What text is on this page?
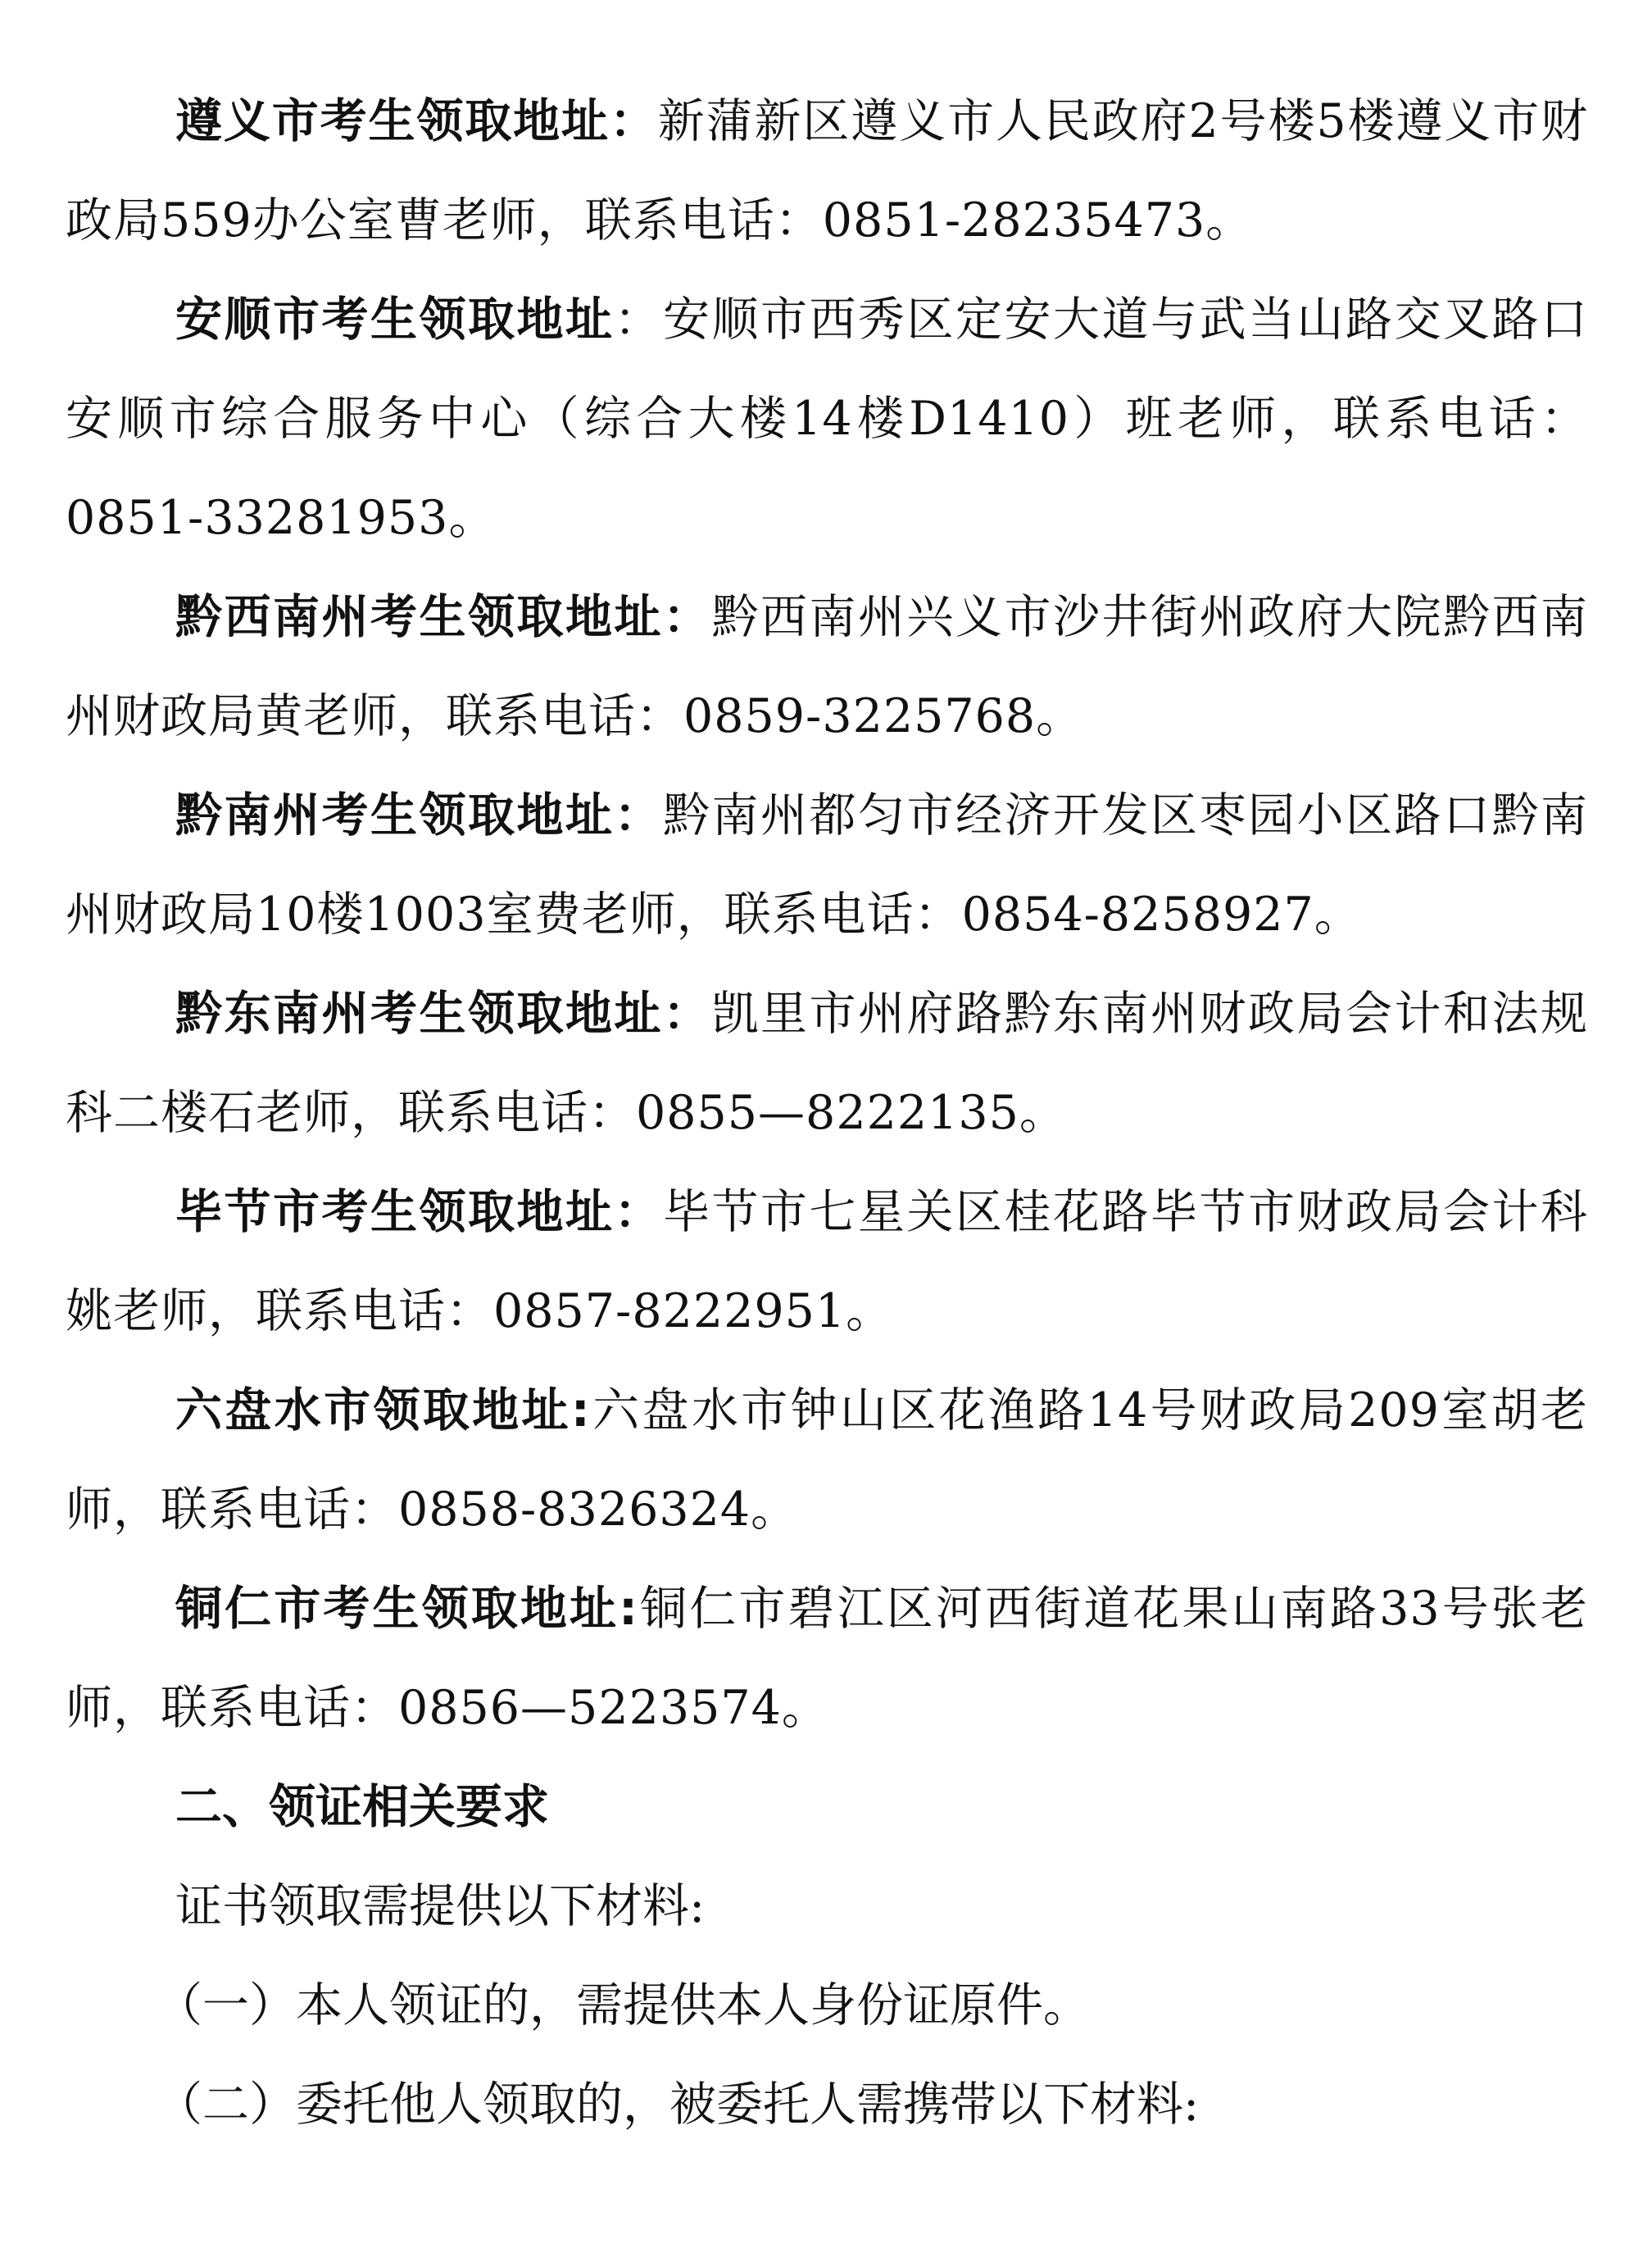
遵义市考生领取地址：新蒲新区遵义市人民政府2号楼5楼遵义市财政局559办公室曹老师，联系电话：0851-28235473。

安顺市考生领取地址：安顺市西秀区定安大道与武当山路交叉路口安顺市综合服务中心（综合大楼14楼D1410）班老师，联系电话：0851-33281953。

黔西南州考生领取地址：黔西南州兴义市沙井街州政府大院黔西南州财政局黄老师，联系电话：0859-3225768。

黔南州考生领取地址：黔南州都匀市经济开发区枣园小区路口黔南州财政局10楼1003室费老师，联系电话：0854-8258927。

黔东南州考生领取地址：凯里市州府路黔东南州财政局会计和法规科二楼石老师，联系电话：0855—8222135。

毕节市考生领取地址：毕节市七星关区桂花路毕节市财政局会计科姚老师，联系电话：0857-8222951。

六盘水市领取地址:六盘水市钟山区花渔路14号财政局209室胡老师，联系电话：0858-8326324。

铜仁市考生领取地址:铜仁市碧江区河西街道花果山南路33号张老师，联系电话：0856—5223574。

二、领证相关要求

证书领取需提供以下材料:

（一）本人领证的，需提供本人身份证原件。

（二）委托他人领取的，被委托人需携带以下材料:
